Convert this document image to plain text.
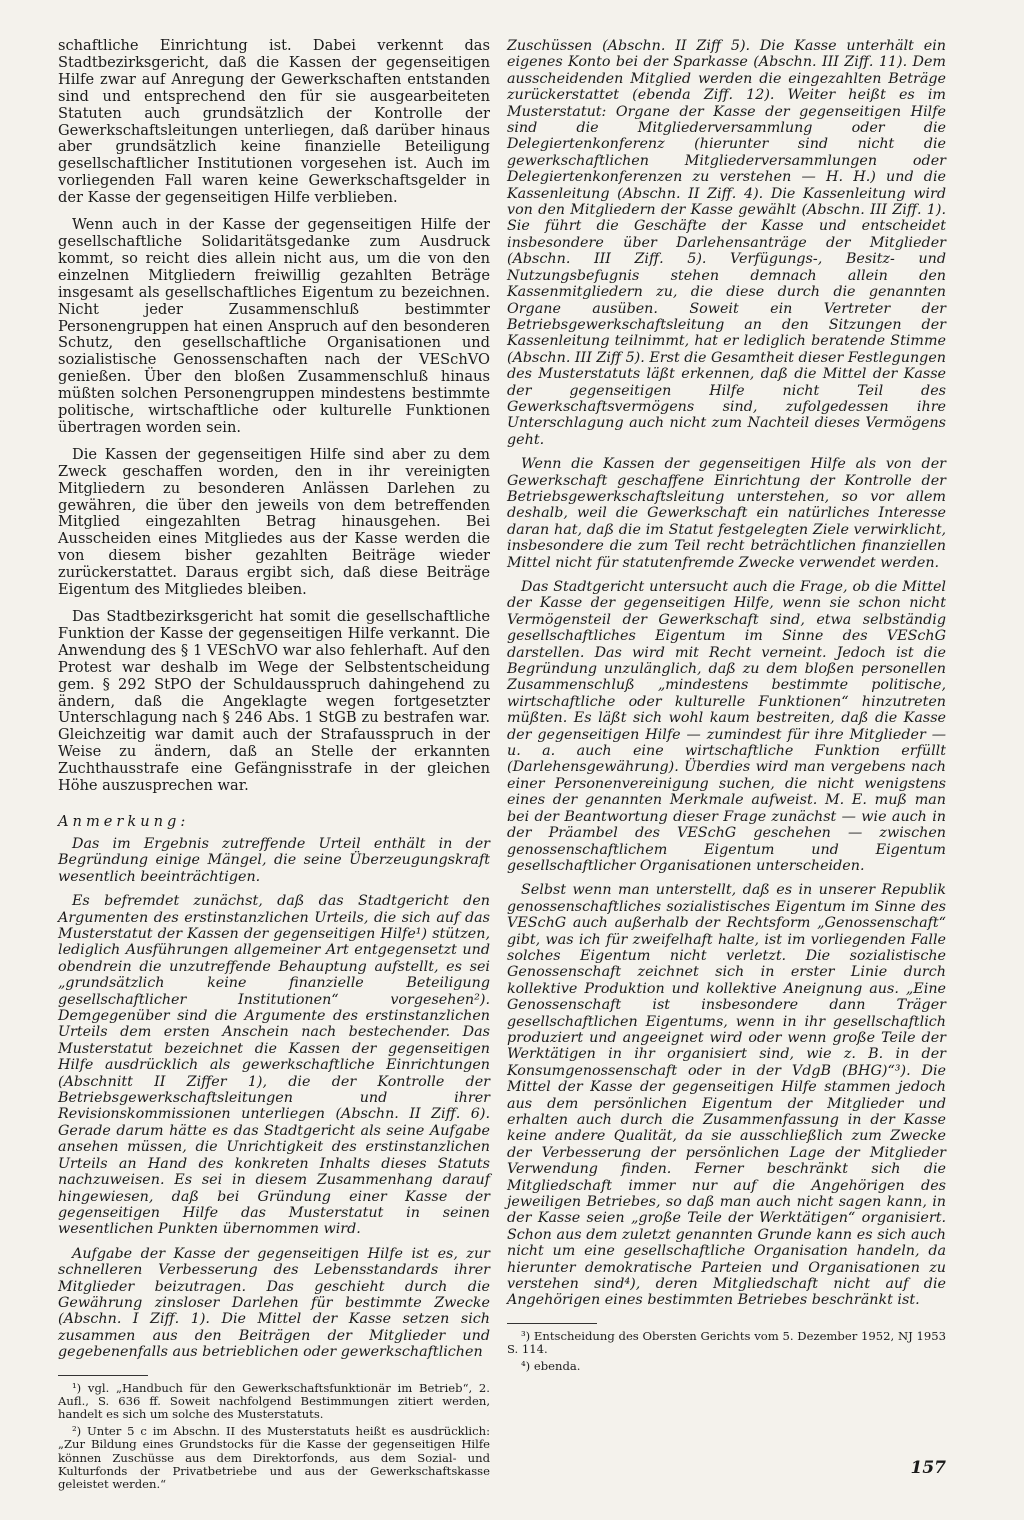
schaftliche Einrichtung ist. Dabei verkennt das Stadtbezirksgericht, daß die Kassen der gegenseitigen Hilfe zwar auf Anregung der Gewerkschaften entstanden sind und entsprechend den für sie ausgearbeiteten Statuten auch grundsätzlich der Kontrolle der Gewerkschaftsleitungen unterliegen, daß darüber hinaus aber grundsätzlich keine finanzielle Beteiligung gesellschaftlicher Institutionen vorgesehen ist. Auch im vorliegenden Fall waren keine Gewerkschaftsgelder in der Kasse der gegenseitigen Hilfe verblieben.

Wenn auch in der Kasse der gegenseitigen Hilfe der gesellschaftliche Solidaritätsgedanke zum Ausdruck kommt, so reicht dies allein nicht aus, um die von den einzelnen Mitgliedern freiwillig gezahlten Beträge insgesamt als gesellschaftliches Eigentum zu bezeichnen. Nicht jeder Zusammenschluß bestimmter Personengruppen hat einen Anspruch auf den besonderen Schutz, den gesellschaftliche Organisationen und sozialistische Genossenschaften nach der VESchVO genießen. Über den bloßen Zusammenschluß hinaus müßten solchen Personengruppen mindestens bestimmte politische, wirtschaftliche oder kulturelle Funktionen übertragen worden sein.

Die Kassen der gegenseitigen Hilfe sind aber zu dem Zweck geschaffen worden, den in ihr vereinigten Mitgliedern zu besonderen Anlässen Darlehen zu gewähren, die über den jeweils von dem betreffenden Mitglied eingezahlten Betrag hinausgehen. Bei Ausscheiden eines Mitgliedes aus der Kasse werden die von diesem bisher gezahlten Beiträge wieder zurückerstattet. Daraus ergibt sich, daß diese Beiträge Eigentum des Mitgliedes bleiben.

Das Stadtbezirksgericht hat somit die gesellschaftliche Funktion der Kasse der gegenseitigen Hilfe verkannt. Die Anwendung des § 1 VESchVO war also fehlerhaft. Auf den Protest war deshalb im Wege der Selbstentscheidung gem. § 292 StPO der Schuldausspruch dahingehend zu ändern, daß die Angeklagte wegen fortgesetzter Unterschlagung nach § 246 Abs. 1 StGB zu bestrafen war. Gleichzeitig war damit auch der Strafausspruch in der Weise zu ändern, daß an Stelle der erkannten Zuchthausstrafe eine Gefängnisstrafe in der gleichen Höhe auszusprechen war.

Anmerkung:

Das im Ergebnis zutreffende Urteil enthält in der Begründung einige Mängel, die seine Überzeugungskraft wesentlich beeinträchtigen.

Es befremdet zunächst, daß das Stadtgericht den Argumenten des erstinstanzlichen Urteils, die sich auf das Musterstatut der Kassen der gegenseitigen Hilfe¹) stützen, lediglich Ausführungen allgemeiner Art entgegensetzt und obendrein die unzutreffende Behauptung aufstellt, es sei „grundsätzlich keine finanzielle Beteiligung gesellschaftlicher Institutionen“ vorgesehen²). Demgegenüber sind die Argumente des erstinstanzlichen Urteils dem ersten Anschein nach bestechender. Das Musterstatut bezeichnet die Kassen der gegenseitigen Hilfe ausdrücklich als gewerkschaftliche Einrichtungen (Abschnitt II Ziffer 1), die der Kontrolle der Betriebsgewerkschaftsleitungen und ihrer Revisionskommissionen unterliegen (Abschn. II Ziff. 6). Gerade darum hätte es das Stadtgericht als seine Aufgabe ansehen müssen, die Unrichtigkeit des erstinstanzlichen Urteils an Hand des konkreten Inhalts dieses Statuts nachzuweisen. Es sei in diesem Zusammenhang darauf hingewiesen, daß bei Gründung einer Kasse der gegenseitigen Hilfe das Musterstatut in seinen wesentlichen Punkten übernommen wird.

Aufgabe der Kasse der gegenseitigen Hilfe ist es, zur schnelleren Verbesserung des Lebensstandards ihrer Mitglieder beizutragen. Das geschieht durch die Gewährung zinsloser Darlehen für bestimmte Zwecke (Abschn. I Ziff. 1). Die Mittel der Kasse setzen sich zusammen aus den Beiträgen der Mitglieder und gegebenenfalls aus betrieblichen oder gewerkschaftlichen

¹) vgl. „Handbuch für den Gewerkschaftsfunktionär im Betrieb“, 2. Aufl., S. 636 ff. Soweit nachfolgend Bestimmungen zitiert werden, handelt es sich um solche des Musterstatuts.

²) Unter 5 c im Abschn. II des Musterstatuts heißt es ausdrücklich: „Zur Bildung eines Grundstocks für die Kasse der gegenseitigen Hilfe können Zuschüsse aus dem Direktorfonds, aus dem Sozial- und Kulturfonds der Privatbetriebe und aus der Gewerkschaftskasse geleistet werden.“

Zuschüssen (Abschn. II Ziff 5). Die Kasse unterhält ein eigenes Konto bei der Sparkasse (Abschn. III Ziff. 11). Dem ausscheidenden Mitglied werden die eingezahlten Beträge zurückerstattet (ebenda Ziff. 12). Weiter heißt es im Musterstatut: Organe der Kasse der gegenseitigen Hilfe sind die Mitgliederversammlung oder die Delegiertenkonferenz (hierunter sind nicht die gewerkschaftlichen Mitgliederversammlungen oder Delegiertenkonferenzen zu verstehen — H. H.) und die Kassenleitung (Abschn. II Ziff. 4). Die Kassenleitung wird von den Mitgliedern der Kasse gewählt (Abschn. III Ziff. 1). Sie führt die Geschäfte der Kasse und entscheidet insbesondere über Darlehensanträge der Mitglieder (Abschn. III Ziff. 5). Verfügungs-, Besitz- und Nutzungsbefugnis stehen demnach allein den Kassenmitgliedern zu, die diese durch die genannten Organe ausüben. Soweit ein Vertreter der Betriebsgewerkschaftsleitung an den Sitzungen der Kassenleitung teilnimmt, hat er lediglich beratende Stimme (Abschn. III Ziff 5). Erst die Gesamtheit dieser Festlegungen des Musterstatuts läßt erkennen, daß die Mittel der Kasse der gegenseitigen Hilfe nicht Teil des Gewerkschaftsvermögens sind, zufolgedessen ihre Unterschlagung auch nicht zum Nachteil dieses Vermögens geht.

Wenn die Kassen der gegenseitigen Hilfe als von der Gewerkschaft geschaffene Einrichtung der Kontrolle der Betriebsgewerkschaftsleitung unterstehen, so vor allem deshalb, weil die Gewerkschaft ein natürliches Interesse daran hat, daß die im Statut festgelegten Ziele verwirklicht, insbesondere die zum Teil recht beträchtlichen finanziellen Mittel nicht für statutenfremde Zwecke verwendet werden.

Das Stadtgericht untersucht auch die Frage, ob die Mittel der Kasse der gegenseitigen Hilfe, wenn sie schon nicht Vermögensteil der Gewerkschaft sind, etwa selbständig gesellschaftliches Eigentum im Sinne des VESchG darstellen. Das wird mit Recht verneint. Jedoch ist die Begründung unzulänglich, daß zu dem bloßen personellen Zusammenschluß „mindestens bestimmte politische, wirtschaftliche oder kulturelle Funktionen“ hinzutreten müßten. Es läßt sich wohl kaum bestreiten, daß die Kasse der gegenseitigen Hilfe — zumindest für ihre Mitglieder — u. a. auch eine wirtschaftliche Funktion erfüllt (Darlehensgewährung). Überdies wird man vergebens nach einer Personenvereinigung suchen, die nicht wenigstens eines der genannten Merkmale aufweist. M. E. muß man bei der Beantwortung dieser Frage zunächst — wie auch in der Präambel des VESchG geschehen — zwischen genossenschaftlichem Eigentum und Eigentum gesellschaftlicher Organisationen unterscheiden.

Selbst wenn man unterstellt, daß es in unserer Republik genossenschaftliches sozialistisches Eigentum im Sinne des VESchG auch außerhalb der Rechtsform „Genossenschaft“ gibt, was ich für zweifelhaft halte, ist im vorliegenden Falle solches Eigentum nicht verletzt. Die sozialistische Genossenschaft zeichnet sich in erster Linie durch kollektive Produktion und kollektive Aneignung aus. „Eine Genossenschaft ist insbesondere dann Träger gesellschaftlichen Eigentums, wenn in ihr gesellschaftlich produziert und angeeignet wird oder wenn große Teile der Werktätigen in ihr organisiert sind, wie z. B. in der Konsumgenossenschaft oder in der VdgB (BHG)“³). Die Mittel der Kasse der gegenseitigen Hilfe stammen jedoch aus dem persönlichen Eigentum der Mitglieder und erhalten auch durch die Zusammenfassung in der Kasse keine andere Qualität, da sie ausschließlich zum Zwecke der Verbesserung der persönlichen Lage der Mitglieder Verwendung finden. Ferner beschränkt sich die Mitgliedschaft immer nur auf die Angehörigen des jeweiligen Betriebes, so daß man auch nicht sagen kann, in der Kasse seien „große Teile der Werktätigen“ organisiert. Schon aus dem zuletzt genannten Grunde kann es sich auch nicht um eine gesellschaftliche Organisation handeln, da hierunter demokratische Parteien und Organisationen zu verstehen sind⁴), deren Mitgliedschaft nicht auf die Angehörigen eines bestimmten Betriebes beschränkt ist.

³) Entscheidung des Obersten Gerichts vom 5. Dezember 1952, NJ 1953 S. 114.

⁴) ebenda.

157
